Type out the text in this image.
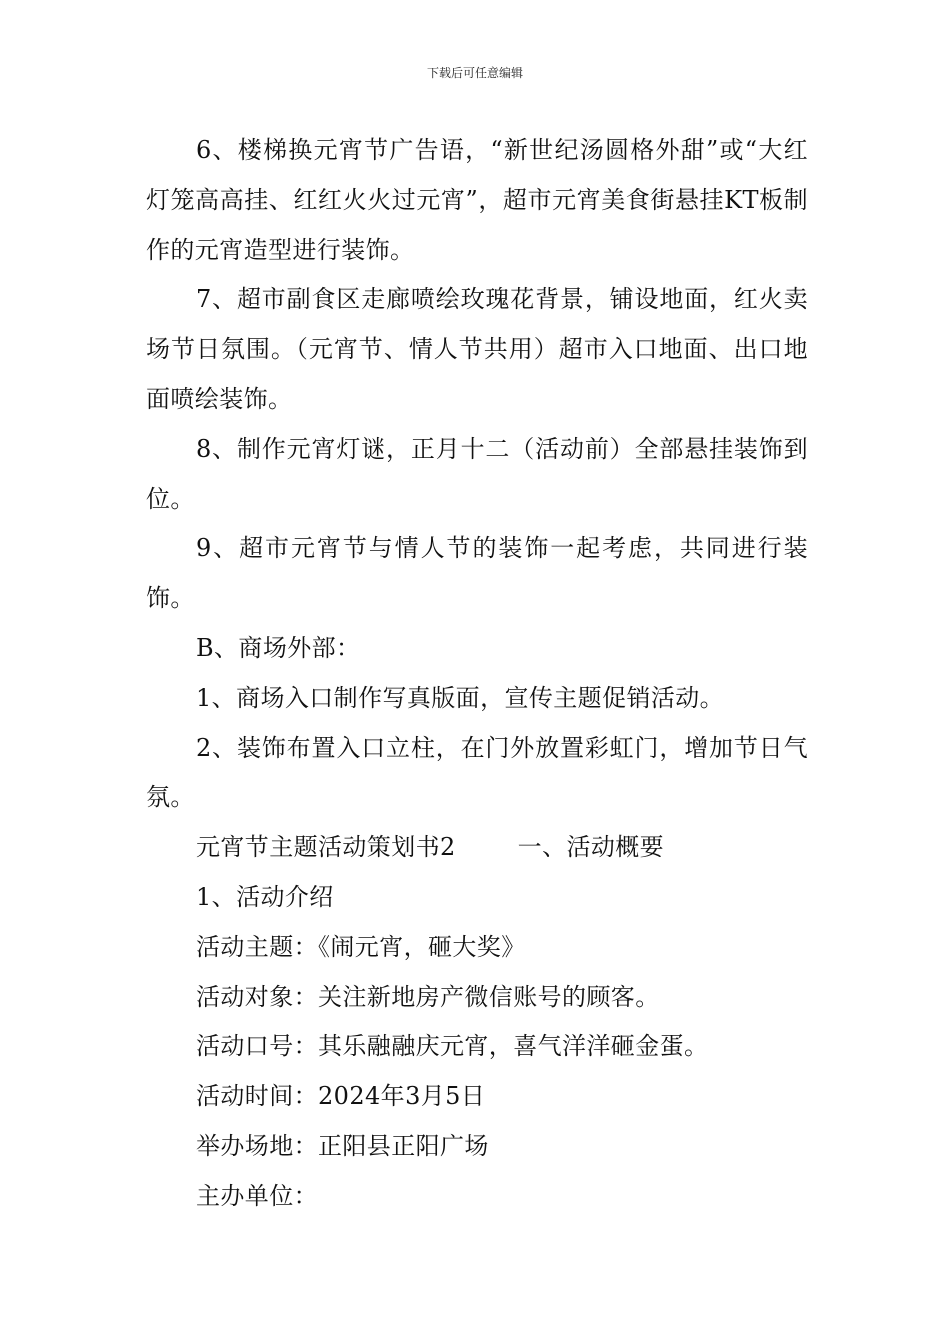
下载后可任意编辑

6、楼梯换元宵节广告语，“新世纪汤圆格外甜”或“大红灯笼高高挂、红红火火过元宵”，超市元宵美食街悬挂KT板制作的元宵造型进行装饰。

7、超市副食区走廊喷绘玫瑰花背景，铺设地面，红火卖场节日氛围。（元宵节、情人节共用）超市入口地面、出口地面喷绘装饰。

8、制作元宵灯谜，正月十二（活动前）全部悬挂装饰到位。

9、超市元宵节与情人节的装饰一起考虑，共同进行装饰。

B、商场外部：

1、商场入口制作写真版面，宣传主题促销活动。

2、装饰布置入口立柱，在门外放置彩虹门，增加节日气氛。

元宵节主题活动策划书2	一、活动概要

1、活动介绍

活动主题：《闹元宵，砸大奖》

活动对象：关注新地房产微信账号的顾客。

活动口号：其乐融融庆元宵，喜气洋洋砸金蛋。

活动时间：2024年3月5日

举办场地：正阳县正阳广场

主办单位：
